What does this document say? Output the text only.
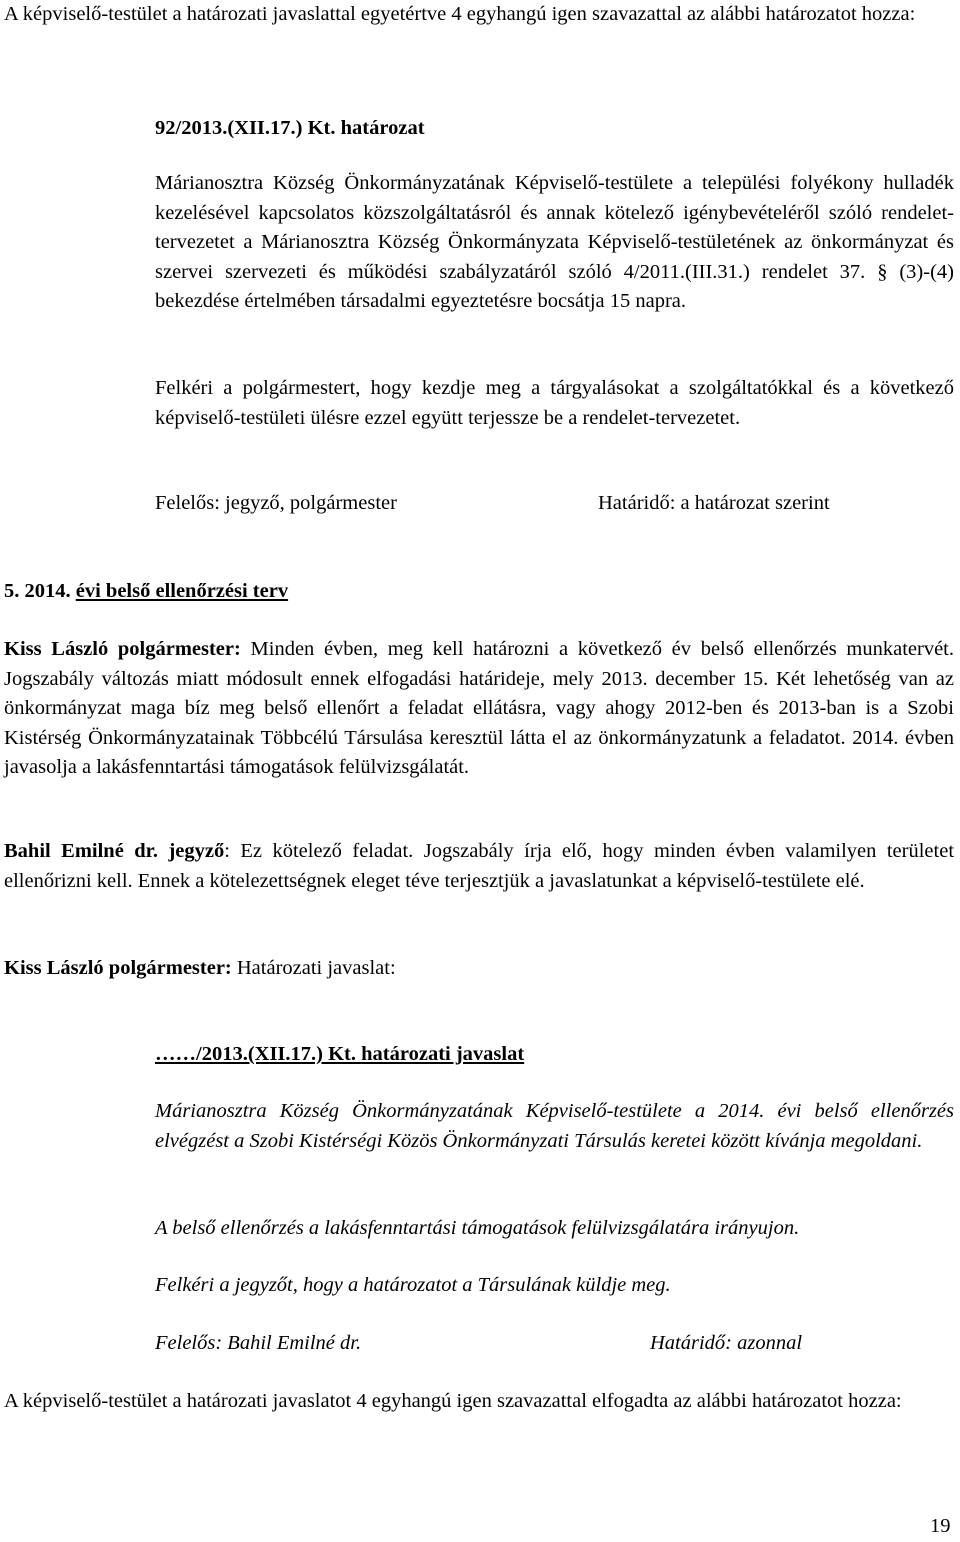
A képviselő-testület a határozati javaslattal egyetértve 4 egyhangú igen szavazattal az alábbi határozatot hozza:
92/2013.(XII.17.) Kt. határozat
Márianosztra Község Önkormányzatának Képviselő-testülete a települési folyékony hulladék kezelésével kapcsolatos közszolgáltatásról és annak kötelező igénybevételéről szóló rendelet-tervezetet a Márianosztra Község Önkormányzata Képviselő-testületének az önkormányzat és szervei szervezeti és működési szabályzatáról szóló 4/2011.(III.31.) rendelet 37. § (3)-(4) bekezdése értelmében társadalmi egyeztetésre bocsátja 15 napra.
Felkéri a polgármestert, hogy kezdje meg a tárgyalásokat a szolgáltatókkal és a következő képviselő-testületi ülésre ezzel együtt terjessze be a rendelet-tervezetet.
Felelős: jegyző, polgármester	Határidő: a határozat szerint
5. 2014. évi belső ellenőrzési terv
Kiss László polgármester: Minden évben, meg kell határozni a következő év belső ellenőrzés munkatervét. Jogszabály változás miatt módosult ennek elfogadási határideje, mely 2013. december 15. Két lehetőség van az önkormányzat maga bíz meg belső ellenőrt a feladat ellátásra, vagy ahogy 2012-ben és 2013-ban is a Szobi Kistérség Önkormányzatainak Többcélú Társulása keresztül látta el az önkormányzatunk a feladatot. 2014. évben javasolja a lakásfenntartási támogatások felülvizsgálatát.
Bahil Emilné dr. jegyző: Ez kötelező feladat. Jogszabály írja elő, hogy minden évben valamilyen területet ellenőrizni kell. Ennek a kötelezettségnek eleget téve terjesztjük a javaslatunkat a képviselő-testülete elé.
Kiss László polgármester: Határozati javaslat:
……/2013.(XII.17.) Kt. határozati javaslat
Márianosztra Község Önkormányzatának Képviselő-testülete a 2014. évi belső ellenőrzés elvégzést a Szobi Kistérségi Közös Önkormányzati Társulás keretei között kívánja megoldani.
A belső ellenőrzés a lakásfenntartási támogatások felülvizsgálatára irányujon.
Felkéri a jegyzőt, hogy a határozatot a Társulának küldje meg.
Felelős: Bahil Emilné dr.	Határidő: azonnal
A képviselő-testület a határozati javaslatot 4 egyhangú igen szavazattal elfogadta az alábbi határozatot hozza:
19
